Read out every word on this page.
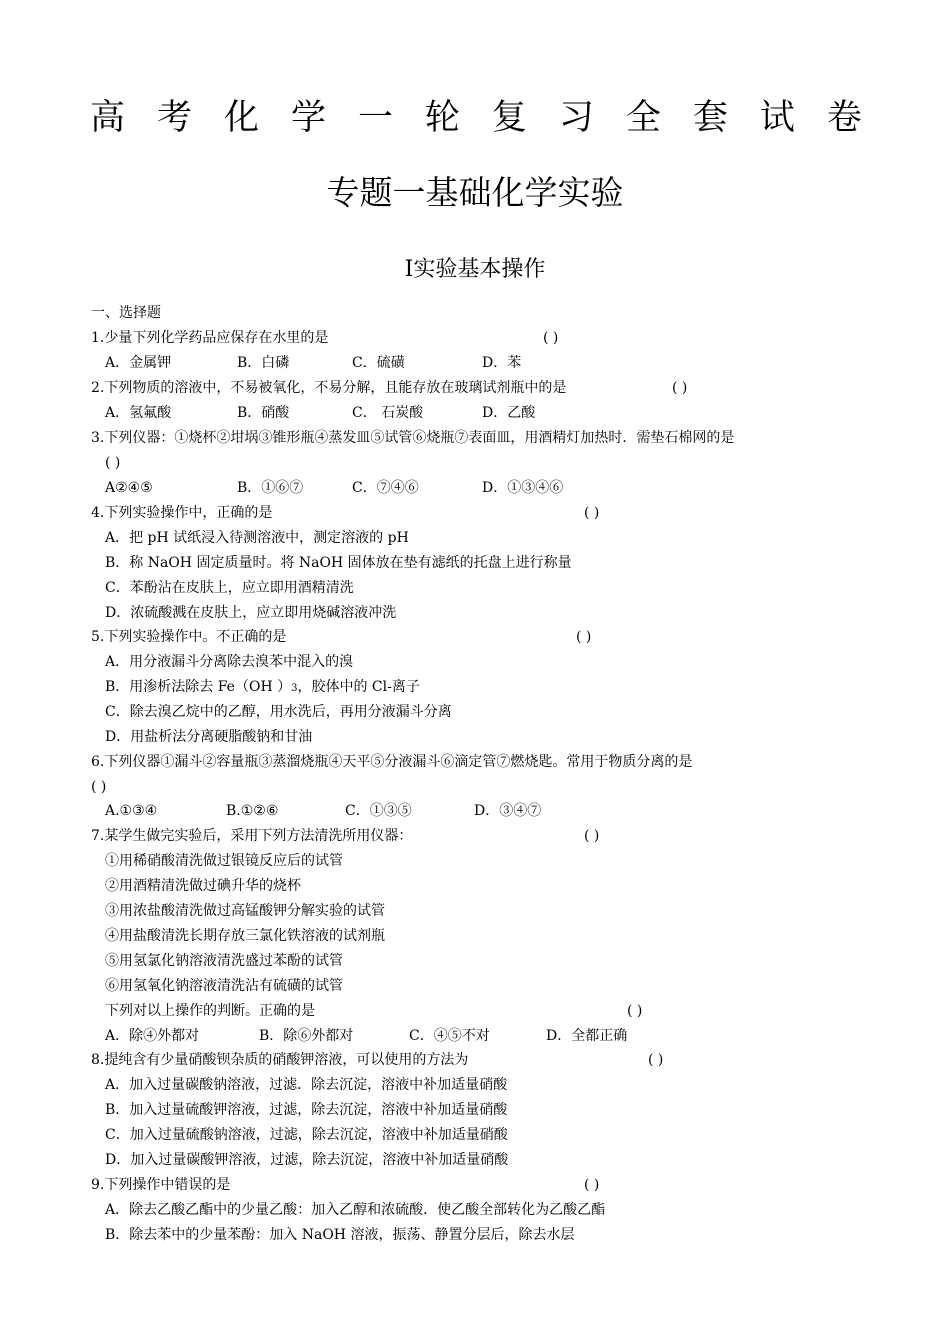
高 考 化 学 一 轮 复 习 全 套 试 卷
专题一基础化学实验
Ⅰ实验基本操作
一、选择题
1.少量下列化学药品应保存在水里的是	( )
A．金属钾	B．白磷	C．硫磺	D．苯
2.下列物质的溶液中，不易被氧化，不易分解，且能存放在玻璃试剂瓶中的是	( )
A．氢氟酸	B．硝酸	C． 石炭酸	D．乙酸
3.下列仪器：①烧杯②坩埚③锥形瓶④蒸发皿⑤试管⑥烧瓶⑦表面皿，用酒精灯加热时．需垫石棉网的是
( )
A②④⑤	B．①⑥⑦	C．⑦④⑥	D．①③④⑥
4.下列实验操作中，正确的是	( )
A．把 pH 试纸浸入待测溶液中，测定溶液的 pH
B．称 NaOH 固定质量时。将 NaOH 固体放在垫有滤纸的托盘上进行称量
C．苯酚沾在皮肤上，应立即用酒精清洗
D．浓硫酸溅在皮肤上，应立即用烧碱溶液冲洗
5.下列实验操作中。不正确的是	( )
A．用分液漏斗分离除去溴苯中混入的溴
B．用渗析法除去 Fe（OH ）3，胶体中的 Cl-离子
C．除去溴乙烷中的乙醇，用水洗后，再用分液漏斗分离
D．用盐析法分离硬脂酸钠和甘油
6.下列仪器①漏斗②容量瓶③蒸溜烧瓶④天平⑤分液漏斗⑥滴定管⑦燃烧匙。常用于物质分离的是
( )
A.①③④	B.①②⑥	C．①③⑤	D．③④⑦
7.某学生做完实验后，采用下列方法清洗所用仪器：	( )
①用稀硝酸清洗做过银镜反应后的试管
②用酒精清洗做过碘升华的烧杯
③用浓盐酸清洗做过高锰酸钾分解实验的试管
④用盐酸清洗长期存放三氯化铁溶液的试剂瓶
⑤用氢氯化钠溶液清洗盛过苯酚的试管
⑥用氢氧化钠溶液清洗沾有硫磺的试管
下列对以上操作的判断。正确的是	( )
A．除④外都对	B．除⑥外都对	C．④⑤不对	D．全都正确
8.提纯含有少量硝酸钡杂质的硝酸钾溶液，可以使用的方法为	( )
A．加入过量碳酸钠溶液，过滤．除去沉淀，溶液中补加适量硝酸
B．加入过量硫酸钾溶液，过滤，除去沉淀，溶液中补加适量硝酸
C．加入过量硫酸钠溶液，过滤，除去沉淀，溶液中补加适量硝酸
D．加入过量碳酸钾溶液，过滤，除去沉淀，溶液中补加适量硝酸
9.下列操作中错误的是	( )
A．除去乙酸乙酯中的少量乙酸：加入乙醇和浓硫酸．使乙酸全部转化为乙酸乙酯
B．除去苯中的少量苯酚：加入 NaOH 溶液，振荡、静置分层后，除去水层
